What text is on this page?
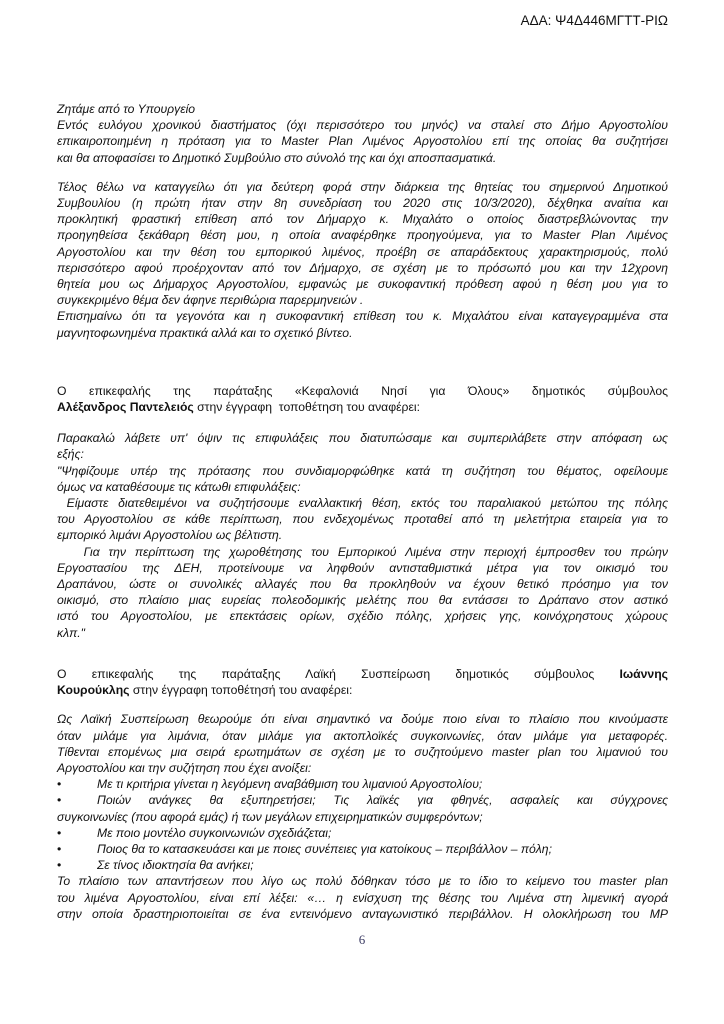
ΑΔΑ: Ψ4Δ446ΜΓΤΤ-ΡΙΩ
Ζητάμε από το Υπουργείο
Εντός ευλόγου χρονικού διαστήματος (όχι περισσότερο του μηνός) να σταλεί στο Δήμο Αργοστολίου
επικαιροποιημένη η πρόταση για το Master Plan Λιμένος Αργοστολίου επί της οποίας θα συζητήσει
και θα αποφασίσει το Δημοτικό Συμβούλιο στο σύνολό της και όχι αποσπασματικά.
Τέλος θέλω να καταγγείλω ότι για δεύτερη φορά στην διάρκεια της θητείας του σημερινού Δημοτικού
Συμβουλίου (η πρώτη ήταν στην 8η συνεδρίαση του 2020 στις 10/3/2020), δέχθηκα αναίτια και
προκλητική φραστική επίθεση από τον Δήμαρχο κ. Μιχαλάτο ο οποίος διαστρεβλώνοντας την
προηγηθείσα ξεκάθαρη θέση μου, η οποία αναφέρθηκε προηγούμενα, για το Master Plan Λιμένος
Αργοστολίου και την θέση του εμπορικού λιμένος, προέβη σε απαράδεκτους χαρακτηρισμούς, πολύ
περισσότερο αφού προέρχονταν από τον Δήμαρχο, σε σχέση με το πρόσωπό μου και την 12χρονη
θητεία μου ως Δήμαρχος Αργοστολίου, εμφανώς με συκοφαντική πρόθεση αφού η θέση μου για το
συγκεκριμένο θέμα δεν άφηνε περιθώρια παρερμηνειών .
Επισημαίνω ότι τα γεγονότα και η συκοφαντική επίθεση του κ. Μιχαλάτου είναι καταγεγραμμένα στα
μαγνητοφωνημένα πρακτικά αλλά και το σχετικό βίντεο.
Ο επικεφαλής της παράταξης «Κεφαλονιά Νησί για Όλους» δημοτικός σύμβουλος
Αλέξανδρος Παντελειός στην έγγραφη  τοποθέτηση του αναφέρει:
Παρακαλώ λάβετε υπ' όψιν τις επιφυλάξεις που διατυπώσαμε και συμπεριλάβετε στην απόφαση ως
εξής:
"Ψηφίζουμε υπέρ της πρότασης που συνδιαμορφώθηκε κατά τη συζήτηση του θέματος, οφείλουμε
όμως να καταθέσουμε τις κάτωθι επιφυλάξεις:
Είμαστε διατεθειμένοι να συζητήσουμε εναλλακτική θέση, εκτός του παραλιακού μετώπου της πόλης
του Αργοστολίου σε κάθε περίπτωση, που ενδεχομένως προταθεί από τη μελετήτρια εταιρεία για το
εμπορικό λιμάνι Αργοστολίου ως βέλτιστη.
Για την περίπτωση της χωροθέτησης του Εμπορικού Λιμένα στην περιοχή έμπροσθεν του πρώην
Εργοστασίου της ΔΕΗ, προτείνουμε να ληφθούν αντισταθμιστικά μέτρα για τον οικισμό του
Δραπάνου, ώστε οι συνολικές αλλαγές που θα προκληθούν να έχουν θετικό πρόσημο για τον
οικισμό, στο πλαίσιο μιας ευρείας πολεοδομικής μελέτης που θα εντάσσει το Δράπανο στον αστικό
ιστό του Αργοστολίου, με επεκτάσεις ορίων, σχέδιο πόλης, χρήσεις γης, κοινόχρηστους χώρους
κλπ."
Ο επικεφαλής της παράταξης Λαϊκή Συσπείρωση δημοτικός σύμβουλος Ιωάννης
Κουρούκλης στην έγγραφη τοποθέτησή του αναφέρει:
Ως Λαϊκή Συσπείρωση θεωρούμε ότι είναι σημαντικό να δούμε ποιο είναι το πλαίσιο που κινούμαστε
όταν μιλάμε για λιμάνια, όταν μιλάμε για ακτοπλοϊκές συγκοινωνίες, όταν μιλάμε για μεταφορές.
Τίθενται επομένως μια σειρά ερωτημάτων σε σχέση με το συζητούμενο master plan του λιμανιού του
Αργοστολίου και την συζήτηση που έχει ανοίξει:
•	Με τι κριτήρια γίνεται η λεγόμενη αναβάθμιση του λιμανιού Αργοστολίου;
•	Ποιών ανάγκες θα εξυπηρετήσει; Τις λαϊκές για φθηνές, ασφαλείς και σύγχρονες
συγκοινωνίες (που αφορά εμάς) ή των μεγάλων επιχειρηματικών συμφερόντων;
•	Με ποιο μοντέλο συγκοινωνιών σχεδιάζεται;
•	Ποιος θα το κατασκευάσει και με ποιες συνέπειες για κατοίκους – περιβάλλον – πόλη;
•	Σε τίνος ιδιοκτησία θα ανήκει;
Το πλαίσιο των απαντήσεων που λίγο ως πολύ δόθηκαν τόσο με το ίδιο το κείμενο του master plan
του λιμένα Αργοστολίου, είναι επί λέξει: «… η ενίσχυση της θέσης του Λιμένα στη λιμενική αγορά
στην οποία δραστηριοποιείται σε ένα εντεινόμενο ανταγωνιστικό περιβάλλον. Η ολοκλήρωση του MP
6
